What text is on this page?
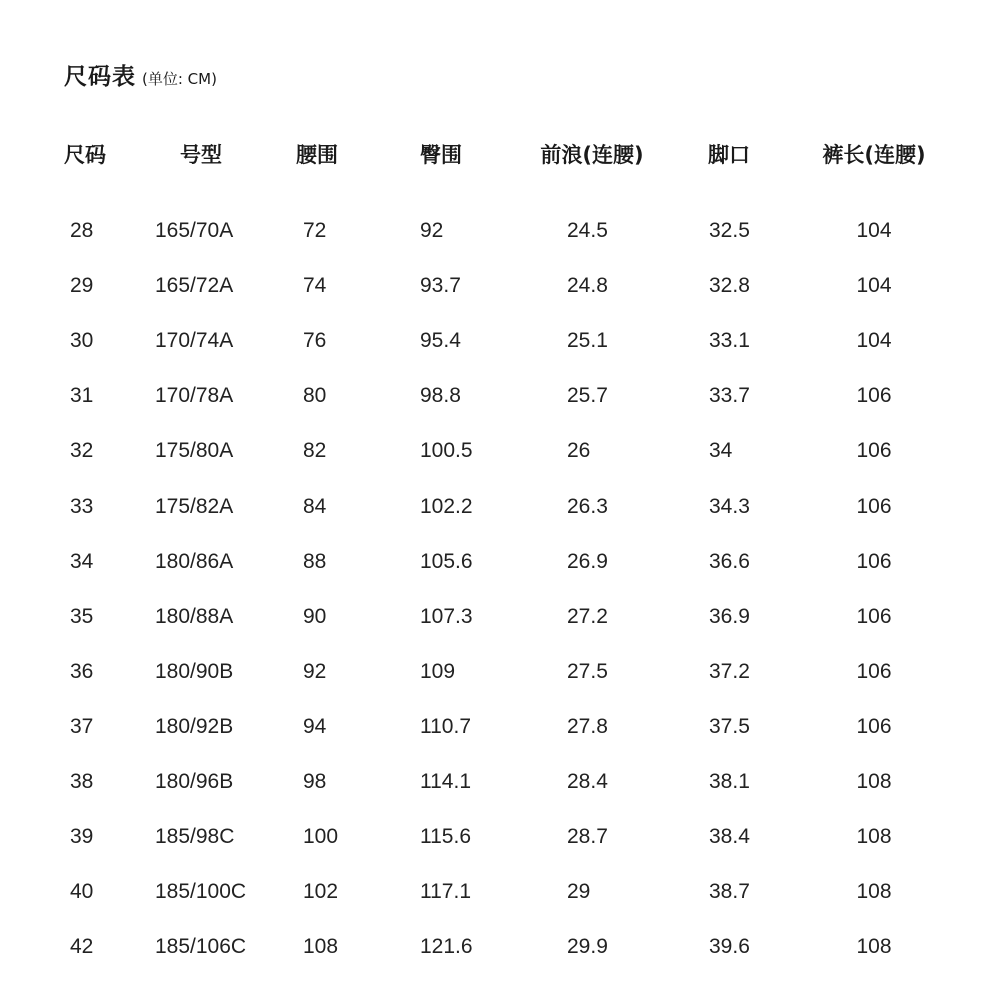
尺码表 (单位: CM)
尺码	号型	腰围	臀围	前浪(连腰)	脚口	裤长(连腰)
28	165/70A	72	92	24.5	32.5	104
29	165/72A	74	93.7	24.8	32.8	104
30	170/74A	76	95.4	25.1	33.1	104
31	170/78A	80	98.8	25.7	33.7	106
32	175/80A	82	100.5	26	34	106
33	175/82A	84	102.2	26.3	34.3	106
34	180/86A	88	105.6	26.9	36.6	106
35	180/88A	90	107.3	27.2	36.9	106
36	180/90B	92	109	27.5	37.2	106
37	180/92B	94	110.7	27.8	37.5	106
38	180/96B	98	114.1	28.4	38.1	108
39	185/98C	100	115.6	28.7	38.4	108
40	185/100C	102	117.1	29	38.7	108
42	185/106C	108	121.6	29.9	39.6	108
